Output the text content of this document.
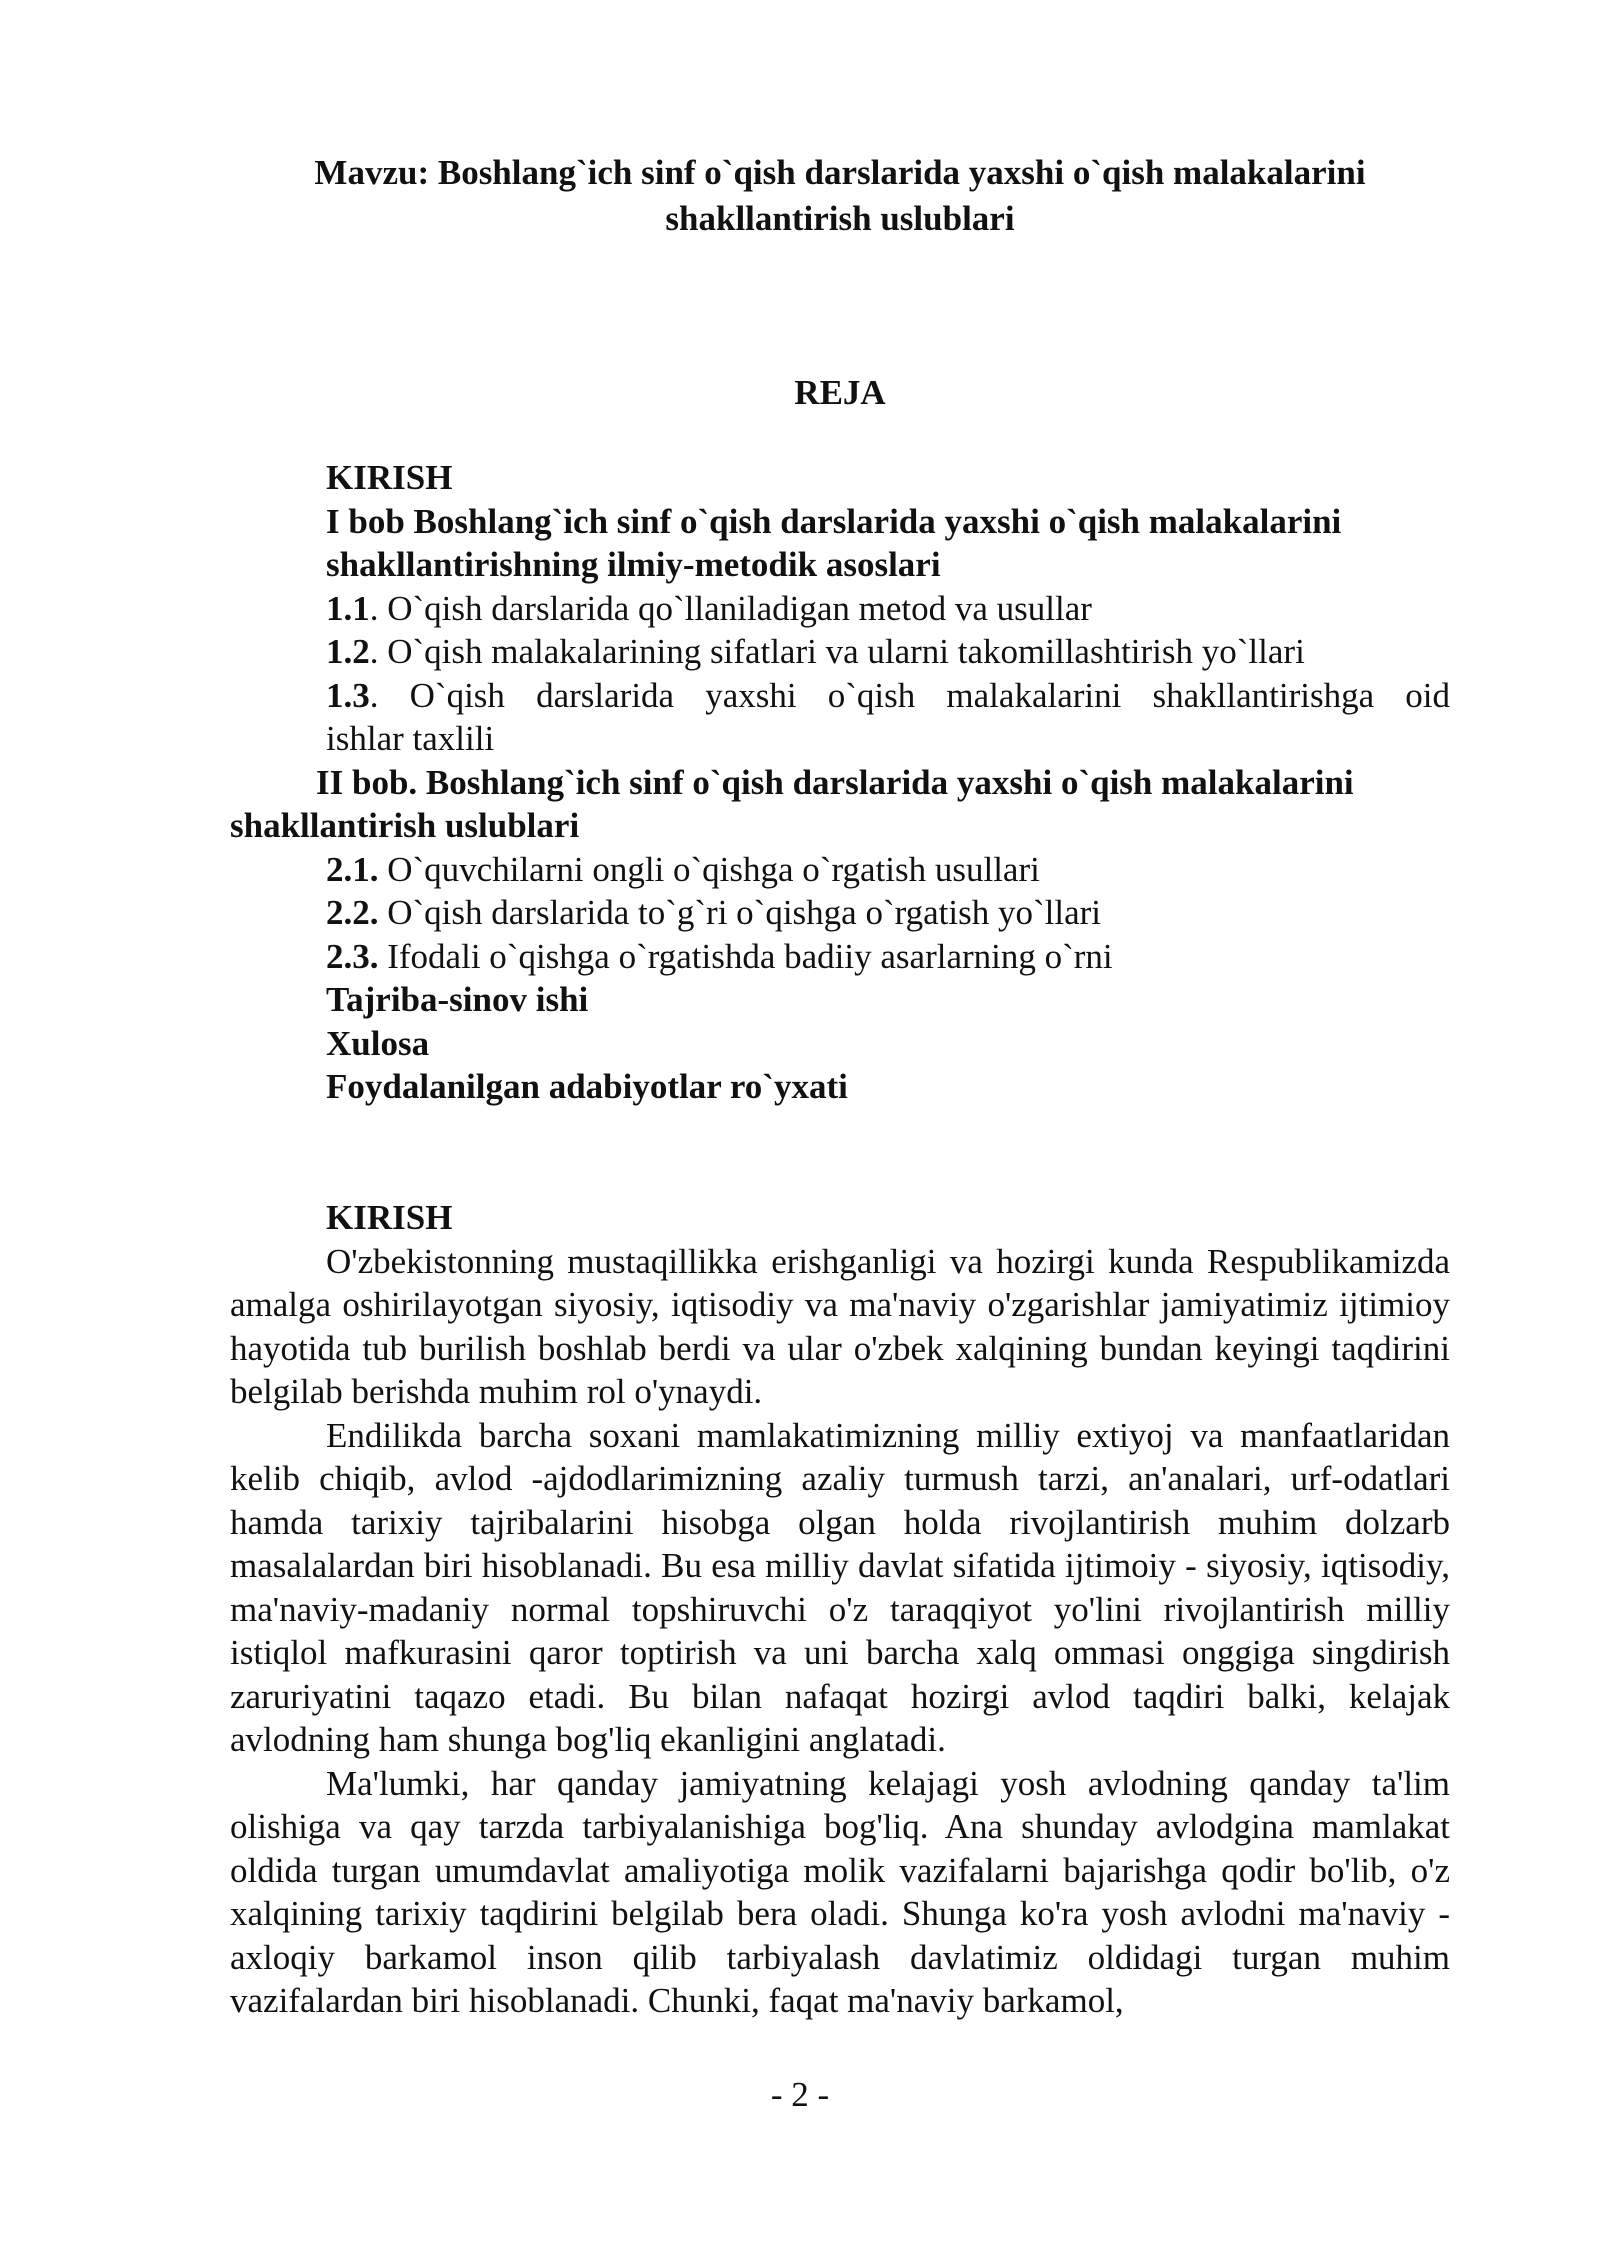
Mavzu: Boshlang`ich sinf o`qish darslarida yaxshi o`qish malakalarini
shakllantirish uslublari
REJA
KIRISH
I bob Boshlang`ich sinf o`qish darslarida yaxshi o`qish malakalarini
shakllantirishning ilmiy-metodik asoslari
1.1. O`qish darslarida qo`llaniladigan metod va usullar
1.2. O`qish malakalarining sifatlari va ularni takomillashtirish yo`llari
1.3. O`qish darslarida yaxshi o`qish malakalarini shakllantirishga oid
ishlar taxlili
II bob. Boshlang`ich sinf o`qish darslarida yaxshi o`qish malakalarini
shakllantirish uslublari
2.1. O`quvchilarni ongli o`qishga o`rgatish usullari
2.2. O`qish darslarida to`g`ri o`qishga o`rgatish yo`llari
2.3. Ifodali o`qishga o`rgatishda badiiy asarlarning o`rni
Tajriba-sinov ishi
Xulosa
Foydalanilgan adabiyotlar ro`yxati
KIRISH

O'zbekistonning mustaqillikka erishganligi va hozirgi kunda Respublikamizda amalga oshirilayotgan siyosiy, iqtisodiy va ma'naviy o'zgarishlar jamiyatimiz ijtimioy hayotida tub burilish boshlab berdi va ular o'zbek xalqining bundan keyingi taqdirini belgilab berishda muhim rol o'ynaydi.

Endilikda barcha soxani mamlakatimizning milliy extiyoj va manfaatlaridan kelib chiqib, avlod -ajdodlarimizning azaliy turmush tarzi, an'analari, urf-odatlari hamda tarixiy tajribalarini hisobga olgan holda rivojlantirish muhim dolzarb masalalardan biri hisoblanadi. Bu esa milliy davlat sifatida ijtimoiy - siyosiy, iqtisodiy, ma'naviy-madaniy normal topshiruvchi o'z taraqqiyot yo'lini rivojlantirish milliy istiqlol mafkurasini qaror toptirish va uni barcha xalq ommasi onggiga singdirish zaruriyatini taqazo etadi. Bu bilan nafaqat hozirgi avlod taqdiri balki, kelajak avlodning ham shunga bog'liq ekanligini anglatadi.

Ma'lumki, har qanday jamiyatning kelajagi yosh avlodning qanday ta'lim olishiga va qay tarzda tarbiyalanishiga bog'liq. Ana shunday avlodgina mamlakat oldida turgan umumdavlat amaliyotiga molik vazifalarni bajarishga qodir bo'lib, o'z xalqining tarixiy taqdirini belgilab bera oladi. Shunga ko'ra yosh avlodni ma'naviy - axloqiy barkamol inson qilib tarbiyalash davlatimiz oldidagi turgan muhim vazifalardan biri hisoblanadi. Chunki, faqat ma'naviy barkamol,

- 2 -
